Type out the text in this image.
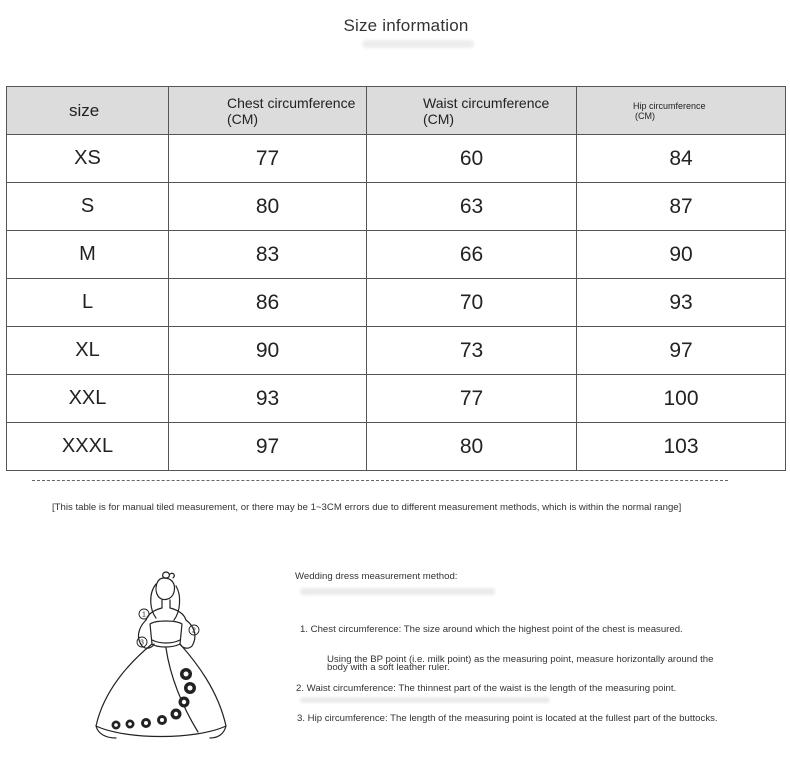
Size information
size	Chest circumference (CM)	Waist circumference (CM)	Hip circumference
(CM)
XS	77	60	84
S	80	63	87
M	83	66	90
L	86	70	93
XL	90	73	97
XXL	93	77	100
XXXL	97	80	103
[This table is for manual tiled measurement, or there may be 1~3CM errors due to different measurement methods, which is within the normal range]
1
2
3
Wedding dress measurement method:
1. Chest circumference: The size around which the highest point of the chest is measured.
Using the BP point (i.e. milk point) as the measuring point, measure horizontally around the
body with a soft leather ruler.
2. Waist circumference: The thinnest part of the waist is the length of the measuring point.
3. Hip circumference: The length of the measuring point is located at the fullest part of the buttocks.
